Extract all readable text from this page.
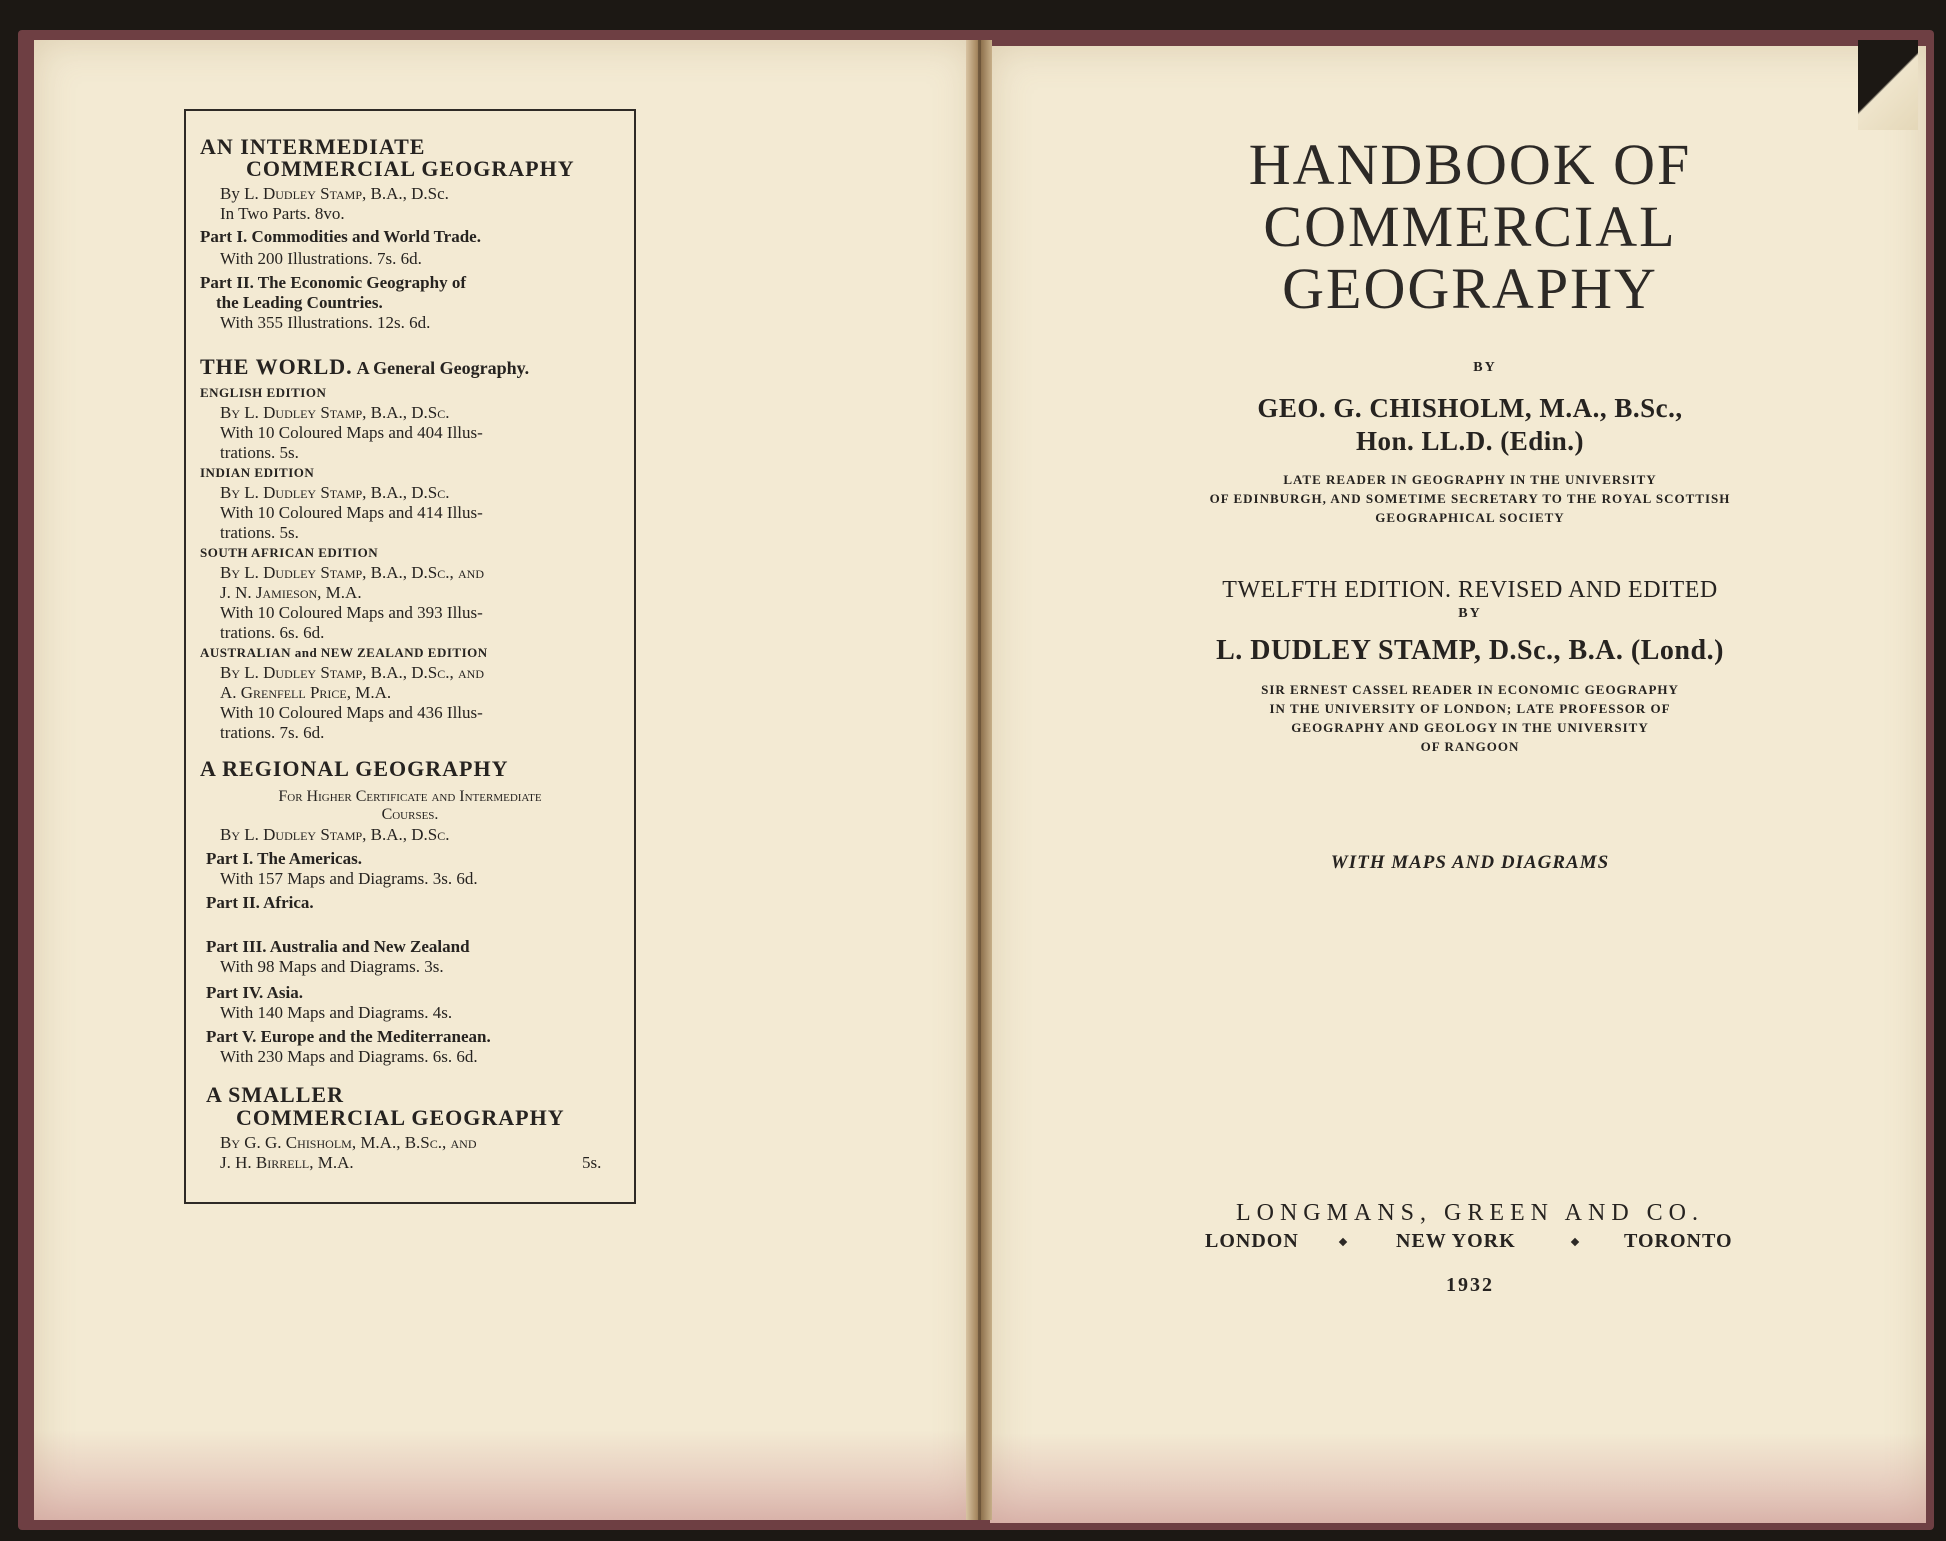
AN INTERMEDIATE
COMMERCIAL GEOGRAPHY
By L. Dudley Stamp, B.A., D.Sc.
In Two Parts. 8vo.
Part I. Commodities and World Trade.
With 200 Illustrations. 7s. 6d.
Part II. The Economic Geography of
the Leading Countries.
With 355 Illustrations. 12s. 6d.
THE WORLD. A General Geography.
ENGLISH EDITION
By L. Dudley Stamp, B.A., D.Sc.
With 10 Coloured Maps and 404 Illus-
trations. 5s.
INDIAN EDITION
By L. Dudley Stamp, B.A., D.Sc.
With 10 Coloured Maps and 414 Illus-
trations. 5s.
SOUTH AFRICAN EDITION
By L. Dudley Stamp, B.A., D.Sc., and
J. N. Jamieson, M.A.
With 10 Coloured Maps and 393 Illus-
trations. 6s. 6d.
AUSTRALIAN and NEW ZEALAND EDITION
By L. Dudley Stamp, B.A., D.Sc., and
A. Grenfell Price, M.A.
With 10 Coloured Maps and 436 Illus-
trations. 7s. 6d.
A REGIONAL GEOGRAPHY
For Higher Certificate and Intermediate
Courses.
By L. Dudley Stamp, B.A., D.Sc.
Part I. The Americas.
With 157 Maps and Diagrams. 3s. 6d.
Part II. Africa.
Part III. Australia and New Zealand
With 98 Maps and Diagrams. 3s.
Part IV. Asia.
With 140 Maps and Diagrams. 4s.
Part V. Europe and the Mediterranean.
With 230 Maps and Diagrams. 6s. 6d.
A SMALLER
COMMERCIAL GEOGRAPHY
By G. G. Chisholm, M.A., B.Sc., and
J. H. Birrell, M.A.	5s.
HANDBOOK OF
COMMERCIAL
GEOGRAPHY
BY
GEO. G. CHISHOLM, M.A., B.Sc.,
Hon. LL.D. (Edin.)
LATE READER IN GEOGRAPHY IN THE UNIVERSITY
OF EDINBURGH, AND SOMETIME SECRETARY TO THE ROYAL SCOTTISH
GEOGRAPHICAL SOCIETY
TWELFTH EDITION. REVISED AND EDITED
BY
L. DUDLEY STAMP, D.Sc., B.A. (Lond.)
SIR ERNEST CASSEL READER IN ECONOMIC GEOGRAPHY
IN THE UNIVERSITY OF LONDON; LATE PROFESSOR OF
GEOGRAPHY AND GEOLOGY IN THE UNIVERSITY
OF RANGOON
WITH MAPS AND DIAGRAMS
LONGMANS, GREEN AND CO.
LONDON	NEW YORK	TORONTO
1932
